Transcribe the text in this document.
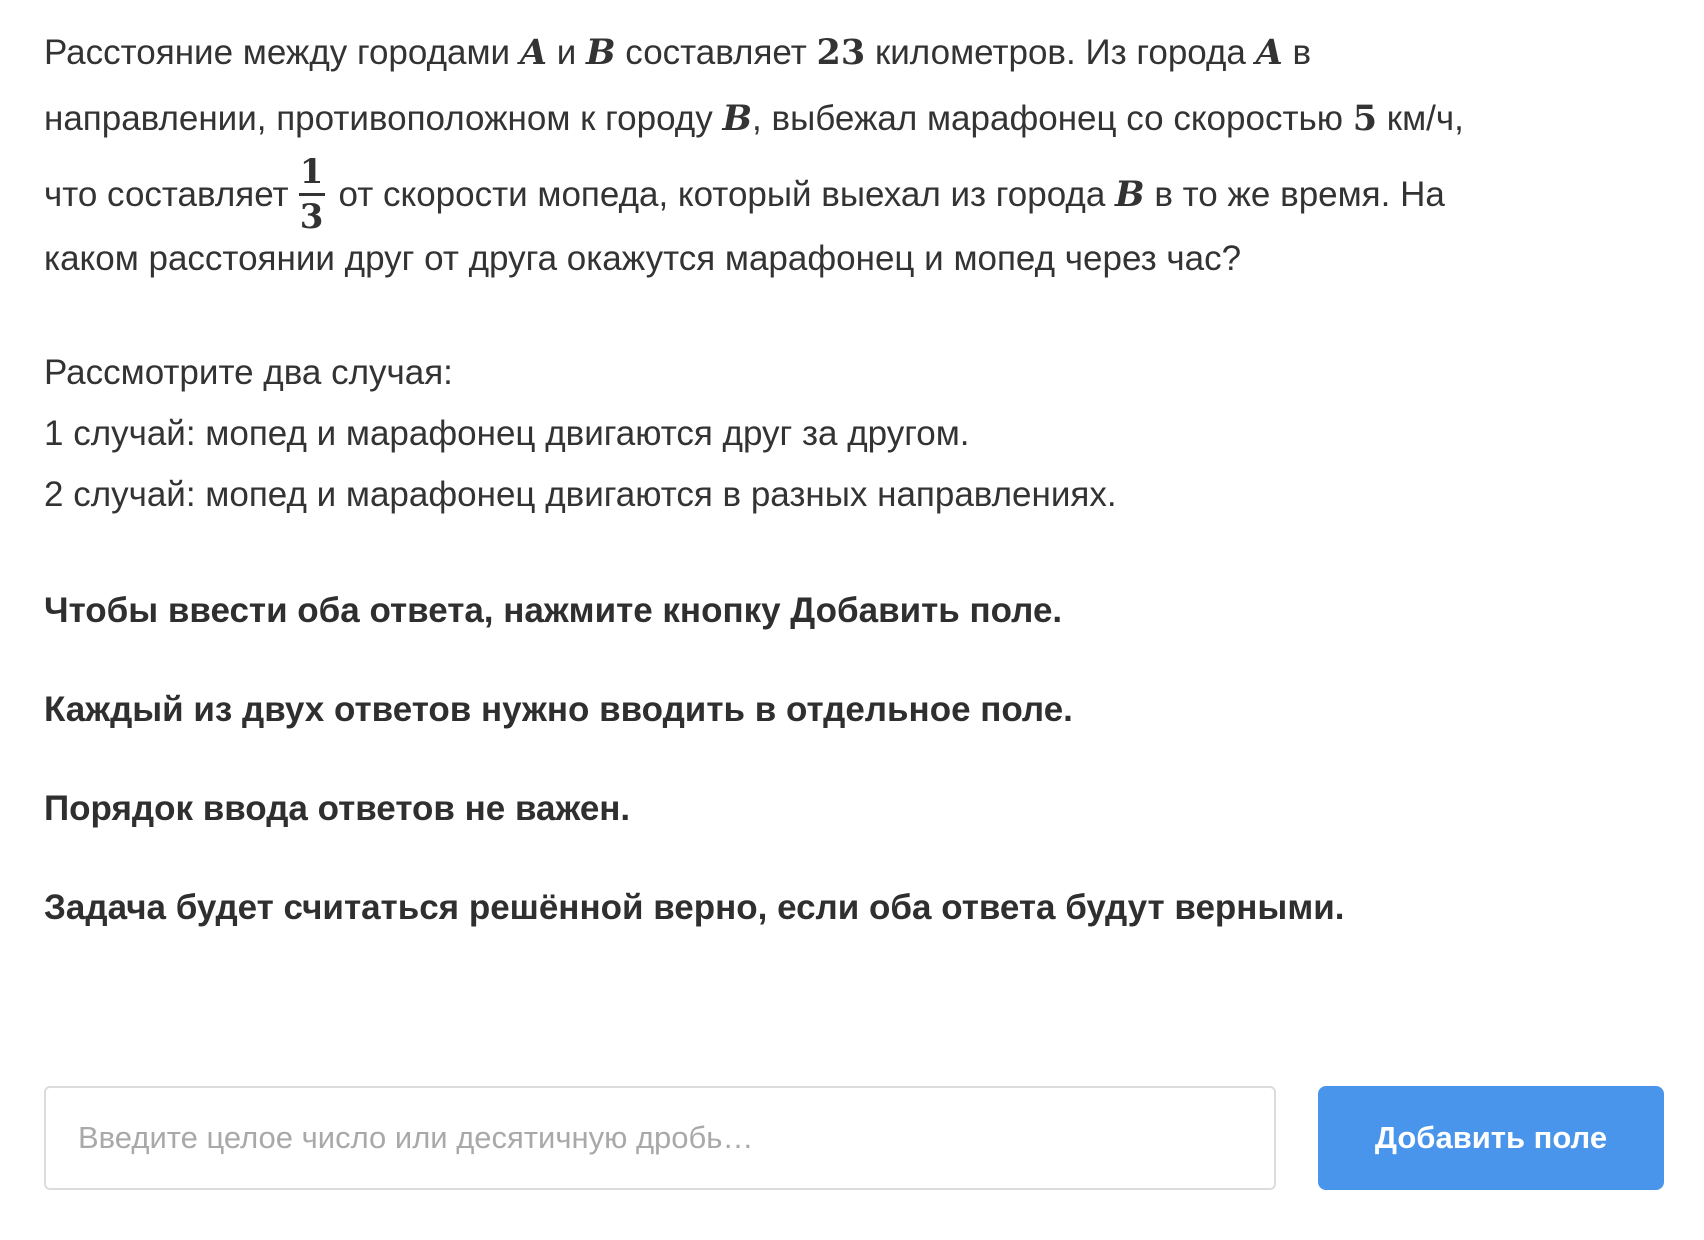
Расстояние между городами A и B составляет 23 километров. Из города A в

направлении, противоположном к городу B, выбежал марафонец со скоростью 5 км/ч,

что составляет $\frac{1}{3}$ от скорости мопеда, который выехал из города B в то же время. На

каком расстоянии друг от друга окажутся марафонец и мопед через час?

Рассмотрите два случая:

1 случай: мопед и марафонец двигаются друг за другом.

2 случай: мопед и марафонец двигаются в разных направлениях.

Чтобы ввести оба ответа, нажмите кнопку Добавить поле.

Каждый из двух ответов нужно вводить в отдельное поле.

Порядок ввода ответов не важен.

Задача будет считаться решённой верно, если оба ответа будут верными.

Введите целое число или десятичную дробь…
Добавить поле
